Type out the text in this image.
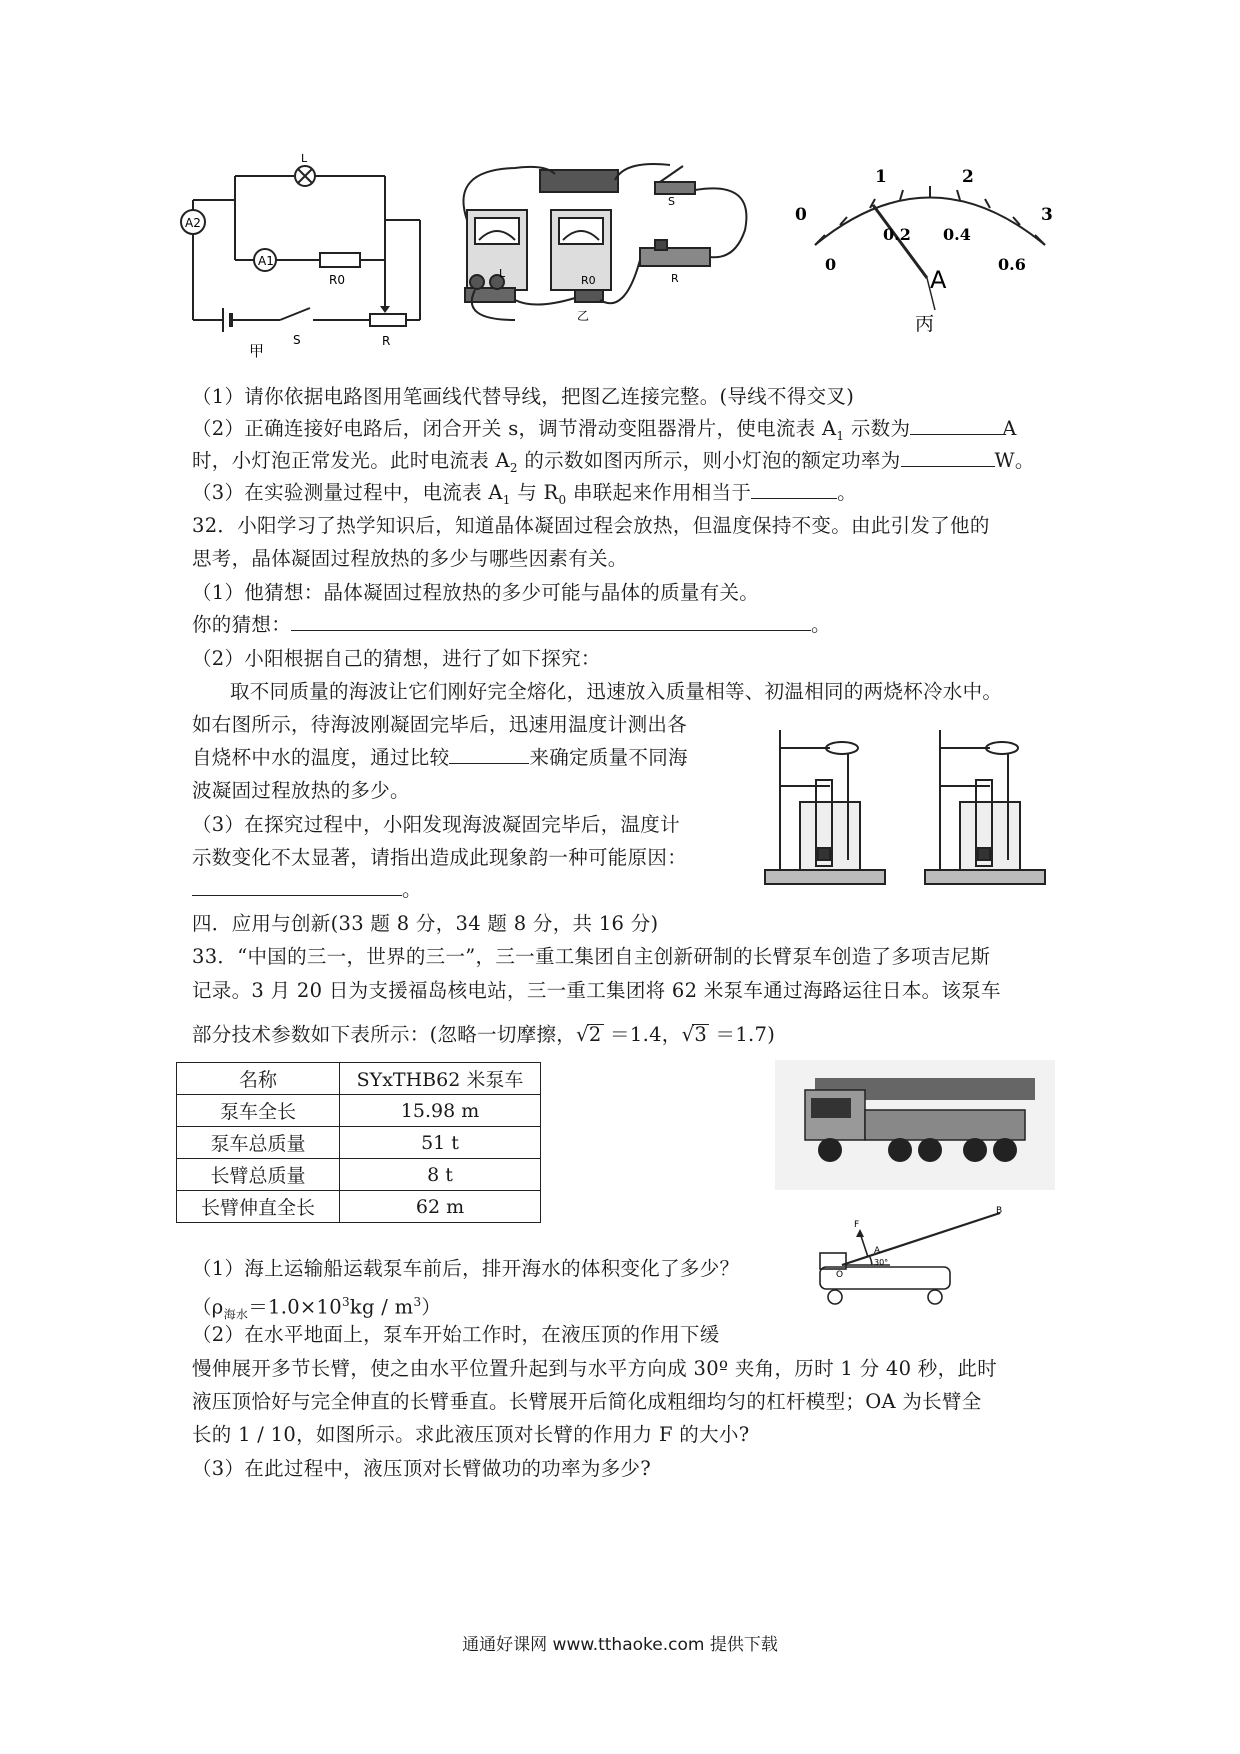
A2
A1
L
R0
S	R
甲
S
L	R
R0
乙
0
1	2
3
0
0.2 0.4
0.6
A
丙
（1）请你依据电路图用笔画线代替导线，把图乙连接完整。(导线不得交叉)
（2）正确连接好电路后，闭合开关 s，调节滑动变阻器滑片，使电流表 $A_1$ 示数为	A
时，小灯泡正常发光。此时电流表 $A_2$ 的示数如图丙所示，则小灯泡的额定功率为	W。
（3）在实验测量过程中，电流表 $A_1$ 与 $R_0$ 串联起来作用相当于	。
32．小阳学习了热学知识后，知道晶体凝固过程会放热，但温度保持不变。由此引发了他的
思考，晶体凝固过程放热的多少与哪些因素有关。
（1）他猜想：晶体凝固过程放热的多少可能与晶体的质量有关。
你的猜想：	。
（2）小阳根据自己的猜想，进行了如下探究：
取不同质量的海波让它们刚好完全熔化，迅速放入质量相等、初温相同的两烧杯冷水中。
如右图所示，待海波刚凝固完毕后，迅速用温度计测出各
自烧杯中水的温度，通过比较	来确定质量不同海
波凝固过程放热的多少。
（3）在探究过程中，小阳发现海波凝固完毕后，温度计
示数变化不太显著，请指出造成此现象韵一种可能原因：
。
四．应用与创新(33 题 8 分，34 题 8 分，共 16 分)
33．“中国的三一，世界的三一”，三一重工集团自主创新研制的长臂泵车创造了多项吉尼斯
记录。3 月 20 日为支援福岛核电站，三一重工集团将 62 米泵车通过海路运往日本。该泵车
部分技术参数如下表所示：(忽略一切摩擦，√2 ＝1.4，√3 ＝1.7)
名称	SYxTHB62 米泵车
泵车全长	15.98 m
泵车总质量	51 t
长臂总质量	8 t
长臂伸直全长	62 m	B
A
O
F
30°
（1）海上运输船运载泵车前后，排开海水的体积变化了多少？
$(\rho_{海水}=1.0\times 10^3kg / m^3)$
（2）在水平地面上，泵车开始工作时，在液压顶的作用下缓
慢伸展开多节长臂，使之由水平位置升起到与水平方向成 30º 夹角，历时 1 分 40 秒，此时
液压顶恰好与完全伸直的长臂垂直。长臂展开后简化成粗细均匀的杠杆模型；OA 为长臂全
长的 1 / 10，如图所示。求此液压顶对长臂的作用力 F 的大小?
（3）在此过程中，液压顶对长臂做功的功率为多少?
通通好课网 www.tthaoke.com 提供下载
